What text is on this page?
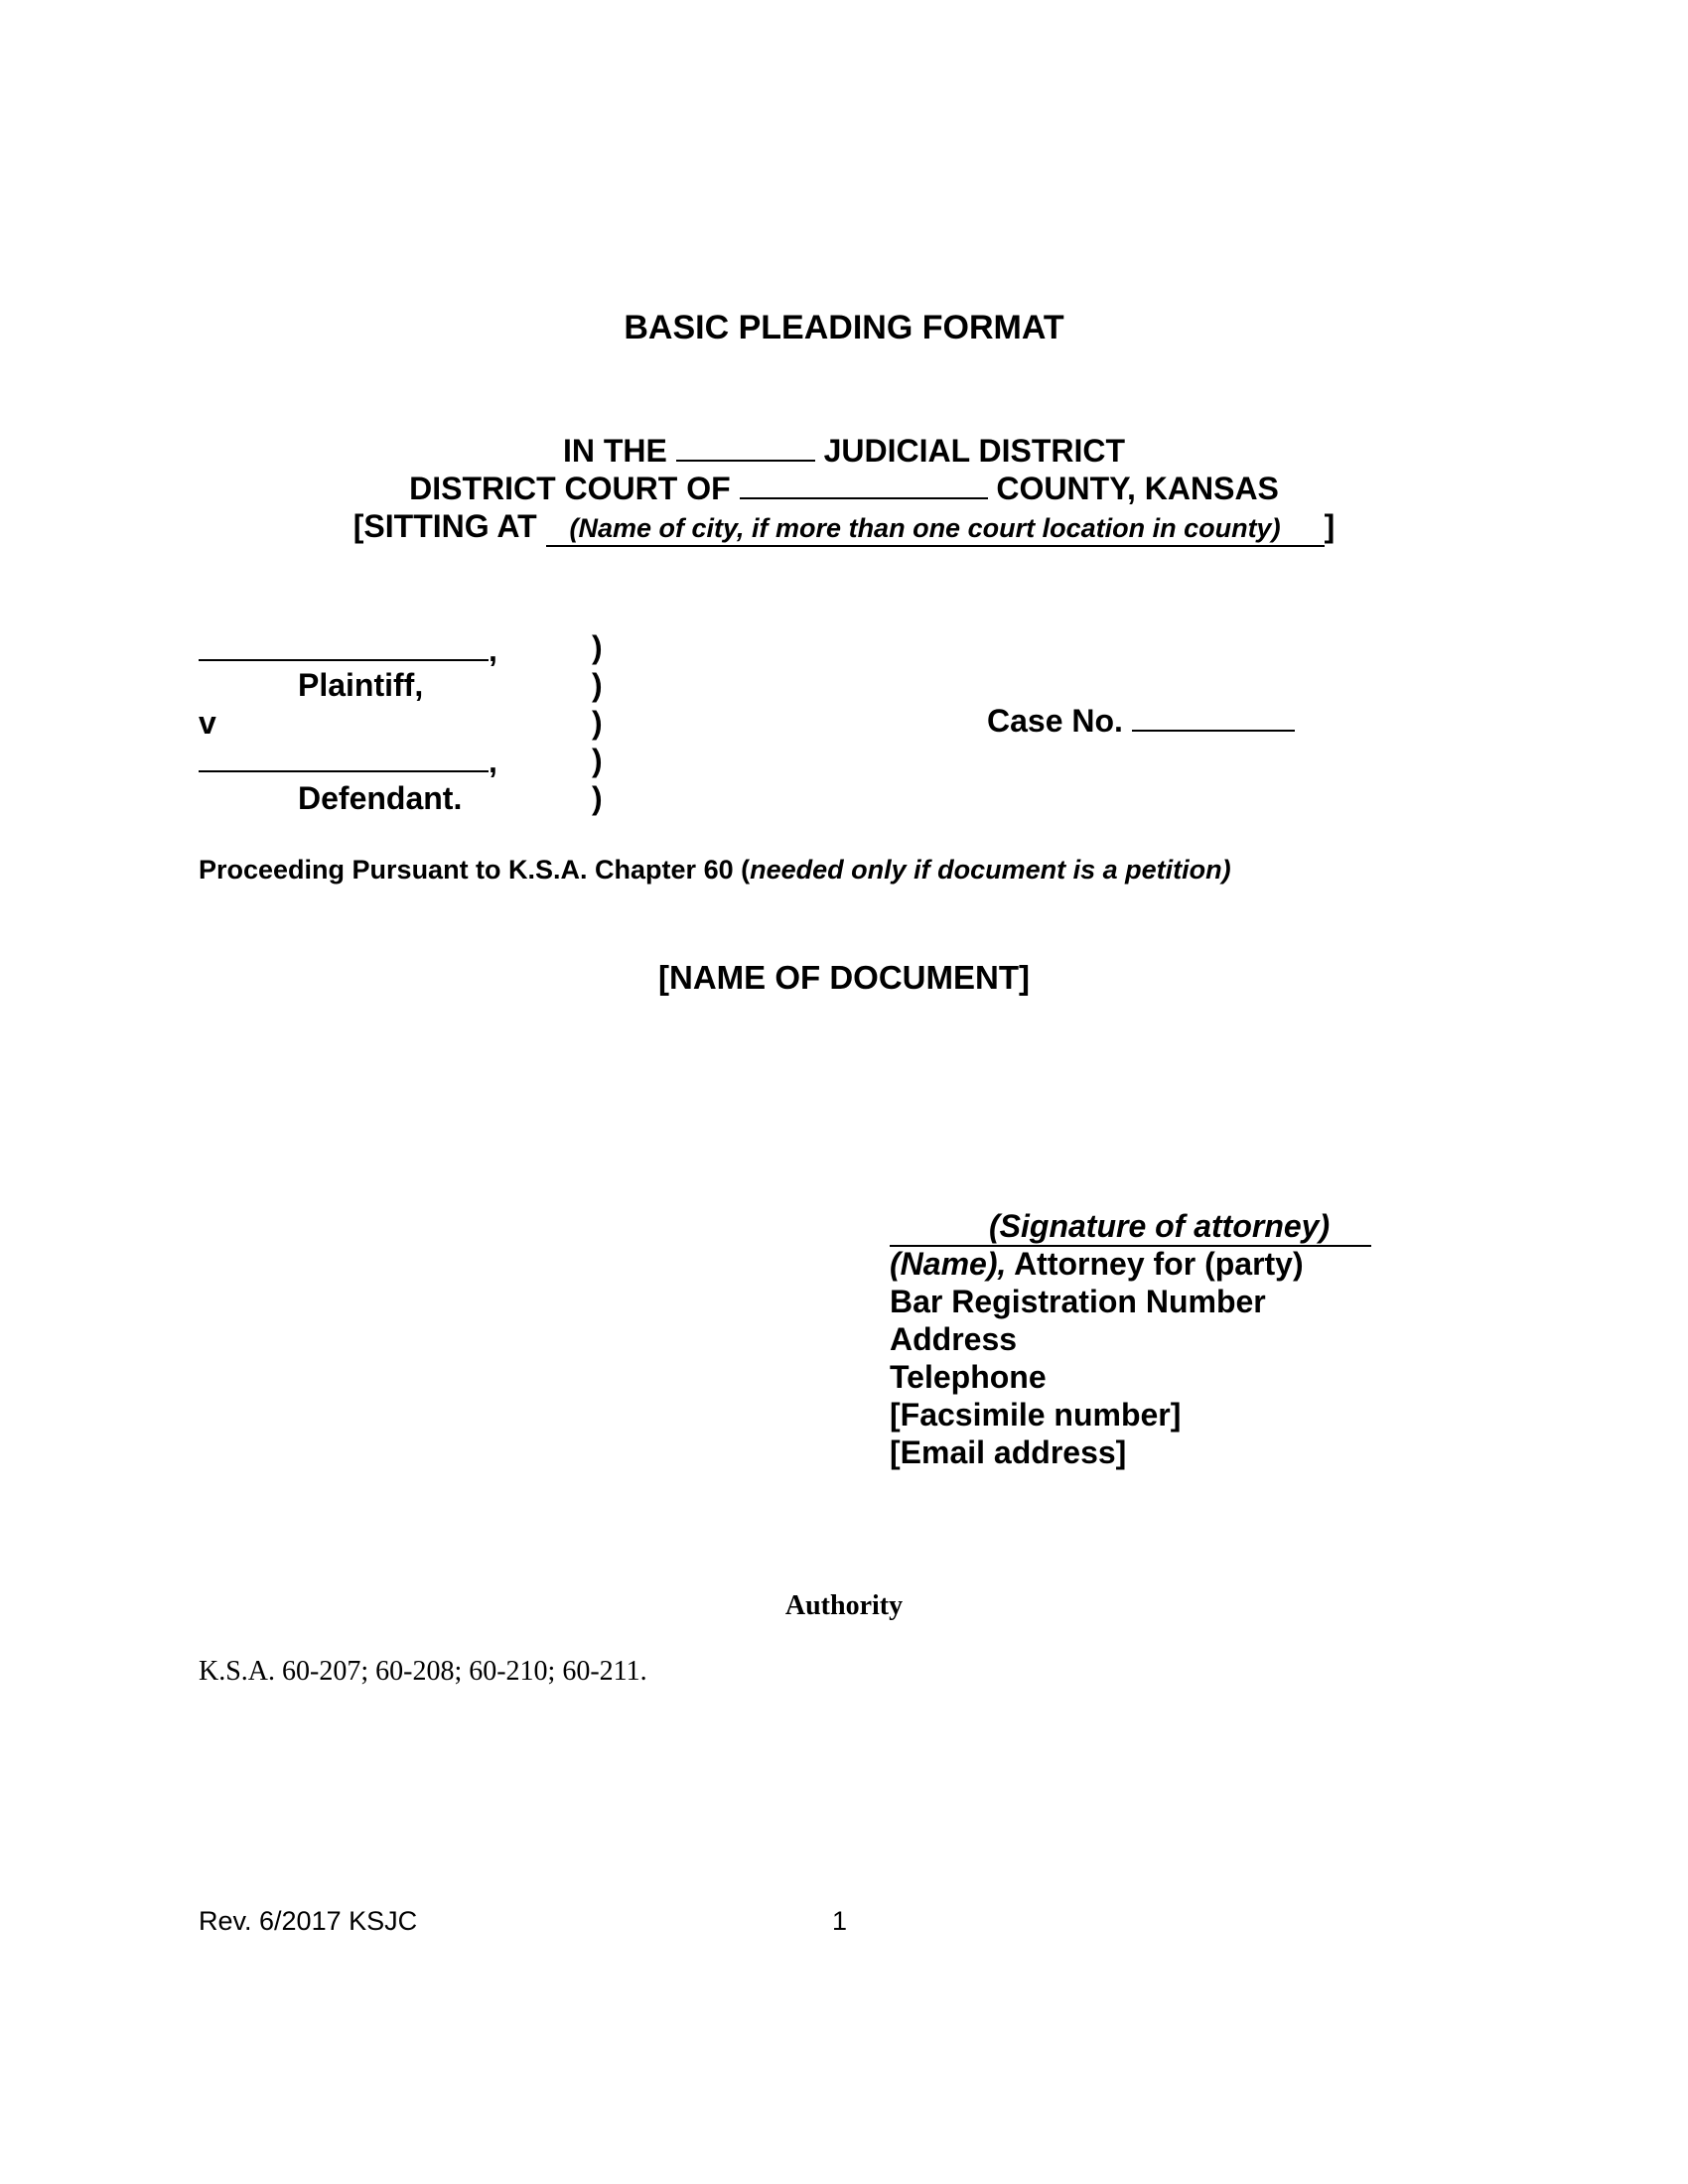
BASIC PLEADING FORMAT
IN THE	JUDICIAL DISTRICT
DISTRICT COURT OF	COUNTY, KANSAS
[SITTING AT (Name of city, if more than one court location in county) ]
,
Plaintiff,
v
,
Defendant.
)
)
)
)
)
Case No.
Proceeding Pursuant to K.S.A. Chapter 60 (needed only if document is a petition)
[NAME OF DOCUMENT]
(Signature of attorney)
(Name), Attorney for (party)
Bar Registration Number
Address
Telephone
[Facsimile number]
[Email address]
Authority
K.S.A. 60-207; 60-208; 60-210; 60-211.
Rev. 6/2017 KSJC	1
